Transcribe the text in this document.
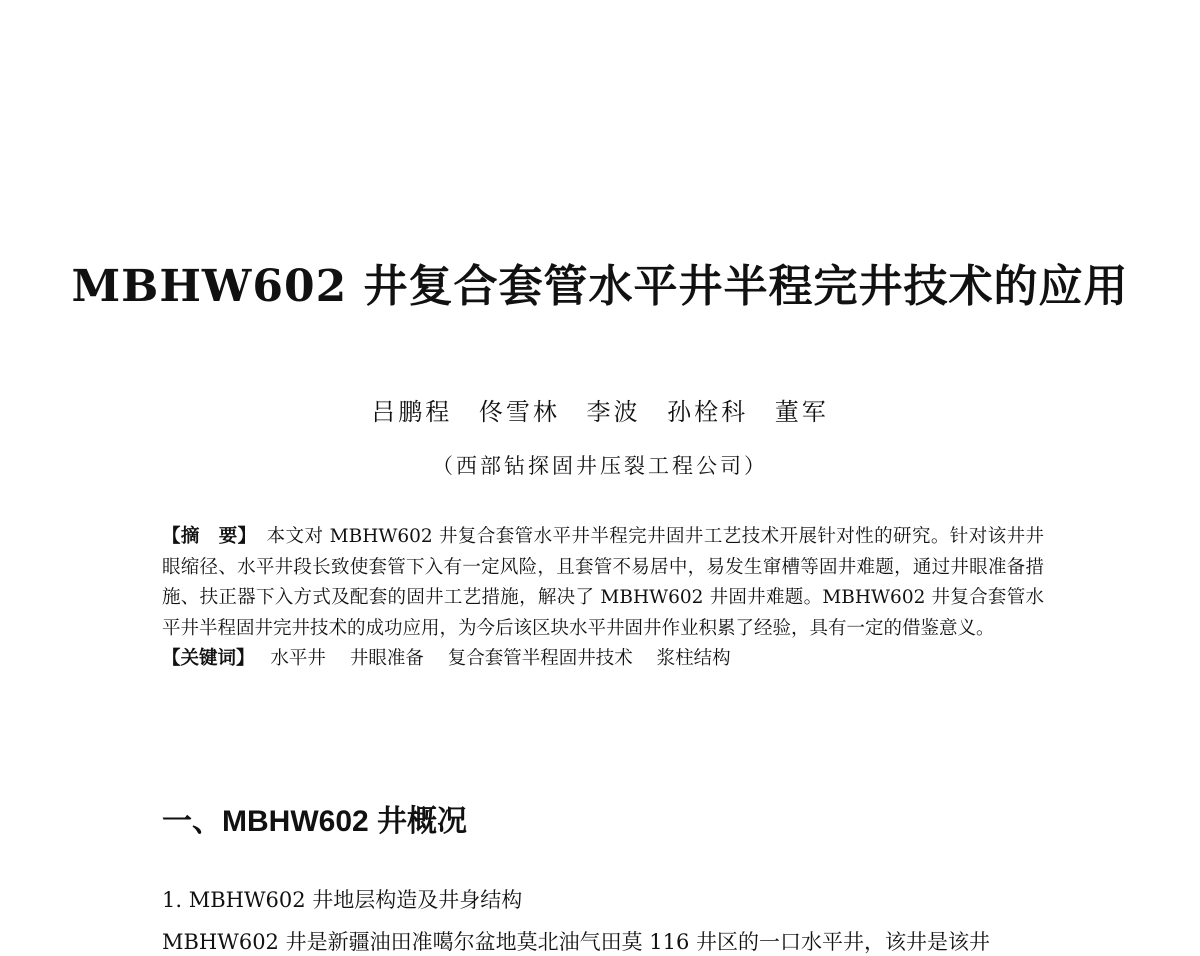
MBHW602 井复合套管水平井半程完井技术的应用
吕鹏程 佟雪林 李波 孙栓科 董军
（西部钻探固井压裂工程公司）
【摘　要】 本文对 MBHW602 井复合套管水平井半程完井固井工艺技术开展针对性的研究。针对该井井眼缩径、水平井段长致使套管下入有一定风险，且套管不易居中，易发生窜槽等固井难题，通过井眼准备措施、扶正器下入方式及配套的固井工艺措施，解决了 MBHW602 井固井难题。MBHW602 井复合套管水平井半程固井完井技术的成功应用，为今后该区块水平井固井作业积累了经验，具有一定的借鉴意义。
【关键词】 水平井 井眼准备 复合套管半程固井技术 浆柱结构
一、MBHW602 井概况
1. MBHW602 井地层构造及井身结构
MBHW602 井是新疆油田准噶尔盆地莫北油气田莫 116 井区的一口水平井，该井是该井
